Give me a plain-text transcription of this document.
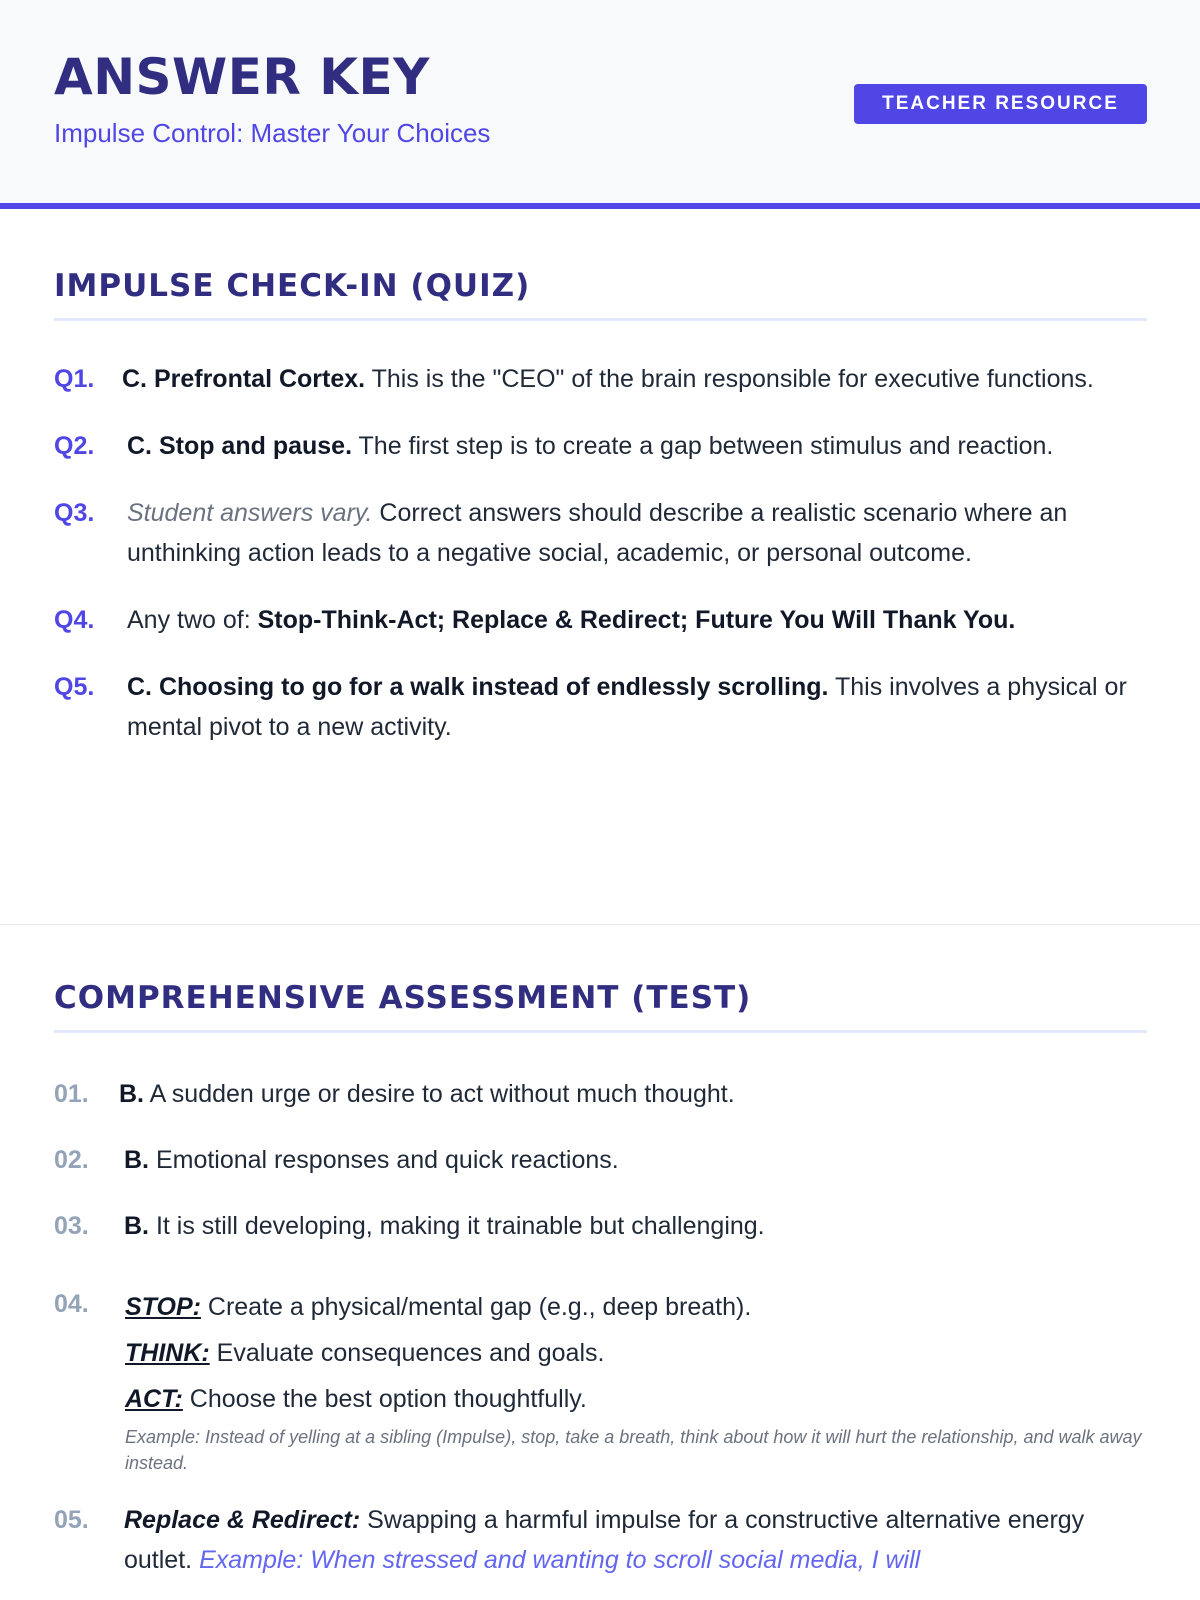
ANSWER KEY
Impulse Control: Master Your Choices
TEACHER RESOURCE
IMPULSE CHECK-IN (QUIZ)
Q1.	C. Prefrontal Cortex. This is the "CEO" of the brain responsible for executive functions.
Q2.	C. Stop and pause. The first step is to create a gap between stimulus and reaction.
Q3.	Student answers vary. Correct answers should describe a realistic scenario where an unthinking action leads to a negative social, academic, or personal outcome.
Q4.	Any two of: Stop-Think-Act; Replace & Redirect; Future You Will Thank You.
Q5.	C. Choosing to go for a walk instead of endlessly scrolling. This involves a physical or mental pivot to a new activity.
COMPREHENSIVE ASSESSMENT (TEST)
01.	B. A sudden urge or desire to act without much thought.
02.	B. Emotional responses and quick reactions.
03.	B. It is still developing, making it trainable but challenging.
04.	STOP: Create a physical/mental gap (e.g., deep breath).
THINK: Evaluate consequences and goals.
ACT: Choose the best option thoughtfully.
Example: Instead of yelling at a sibling (Impulse), stop, take a breath, think about how it will hurt the relationship, and walk away instead.
05.	Replace & Redirect: Swapping a harmful impulse for a constructive alternative energy outlet. Example: When stressed and wanting to scroll social media, I will
